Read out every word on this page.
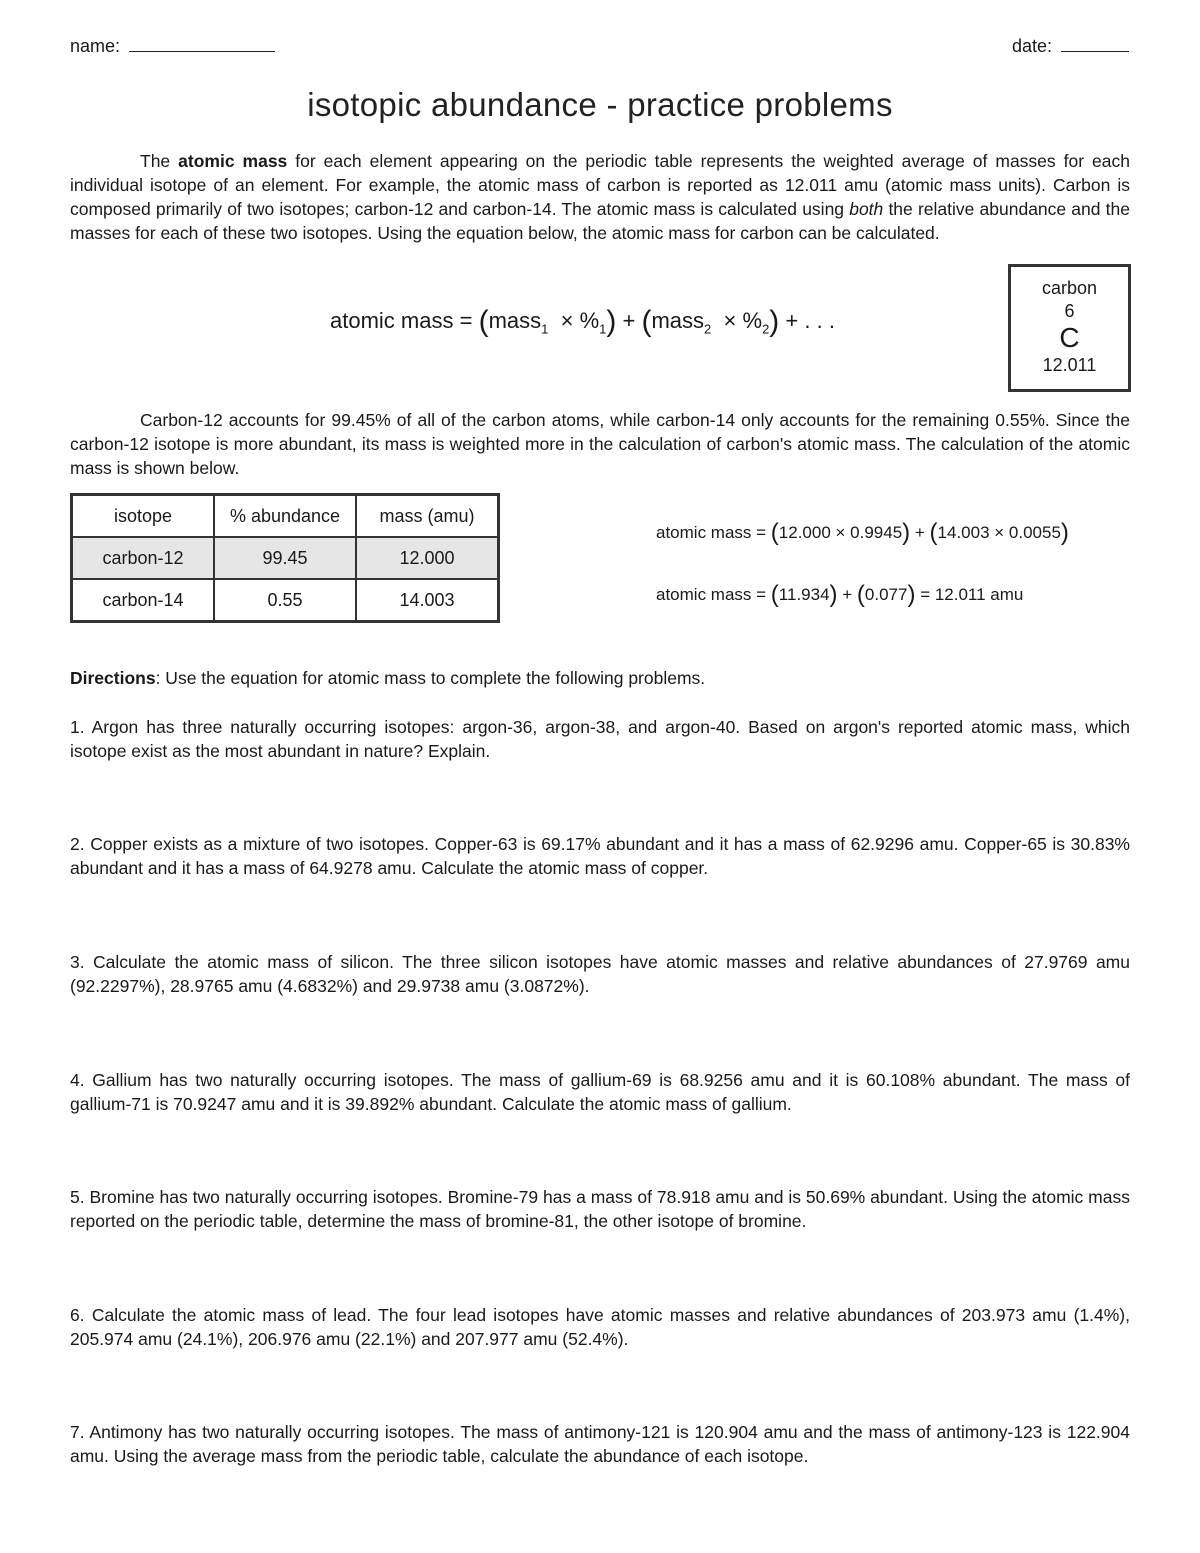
name:	date:
isotopic abundance - practice problems
The atomic mass for each element appearing on the periodic table represents the weighted average of masses for each individual isotope of an element. For example, the atomic mass of carbon is reported as 12.011 amu (atomic mass units). Carbon is composed primarily of two isotopes; carbon-12 and carbon-14. The atomic mass is calculated using both the relative abundance and the masses for each of these two isotopes. Using the equation below, the atomic mass for carbon can be calculated.
atomic mass = (mass$_1$ × $\%_1$) + (mass$_2$ × $\%_2$) + . . .
carbon
6
C
12.011
Carbon-12 accounts for 99.45% of all of the carbon atoms, while carbon-14 only accounts for the remaining 0.55%. Since the carbon-12 isotope is more abundant, its mass is weighted more in the calculation of carbon's atomic mass. The calculation of the atomic mass is shown below.
isotope	% abundance	mass (amu)
carbon-12	99.45	12.000
carbon-14	0.55	14.003
atomic mass = (12.000 × 0.9945) + (14.003 × 0.0055)
atomic mass = (11.934) + (0.077) = 12.011 amu
Directions: Use the equation for atomic mass to complete the following problems.
1. Argon has three naturally occurring isotopes: argon-36, argon-38, and argon-40. Based on argon's reported atomic mass, which isotope exist as the most abundant in nature? Explain.
2. Copper exists as a mixture of two isotopes. Copper-63 is 69.17% abundant and it has a mass of 62.9296 amu. Copper-65 is 30.83% abundant and it has a mass of 64.9278 amu. Calculate the atomic mass of copper.
3. Calculate the atomic mass of silicon. The three silicon isotopes have atomic masses and relative abundances of 27.9769 amu (92.2297%), 28.9765 amu (4.6832%) and 29.9738 amu (3.0872%).
4. Gallium has two naturally occurring isotopes. The mass of gallium-69 is 68.9256 amu and it is 60.108% abundant. The mass of gallium-71 is 70.9247 amu and it is 39.892% abundant. Calculate the atomic mass of gallium.
5. Bromine has two naturally occurring isotopes. Bromine-79 has a mass of 78.918 amu and is 50.69% abundant. Using the atomic mass reported on the periodic table, determine the mass of bromine-81, the other isotope of bromine.
6. Calculate the atomic mass of lead. The four lead isotopes have atomic masses and relative abundances of 203.973 amu (1.4%), 205.974 amu (24.1%), 206.976 amu (22.1%) and 207.977 amu (52.4%).
7. Antimony has two naturally occurring isotopes. The mass of antimony-121 is 120.904 amu and the mass of antimony-123 is 122.904 amu. Using the average mass from the periodic table, calculate the abundance of each isotope.
